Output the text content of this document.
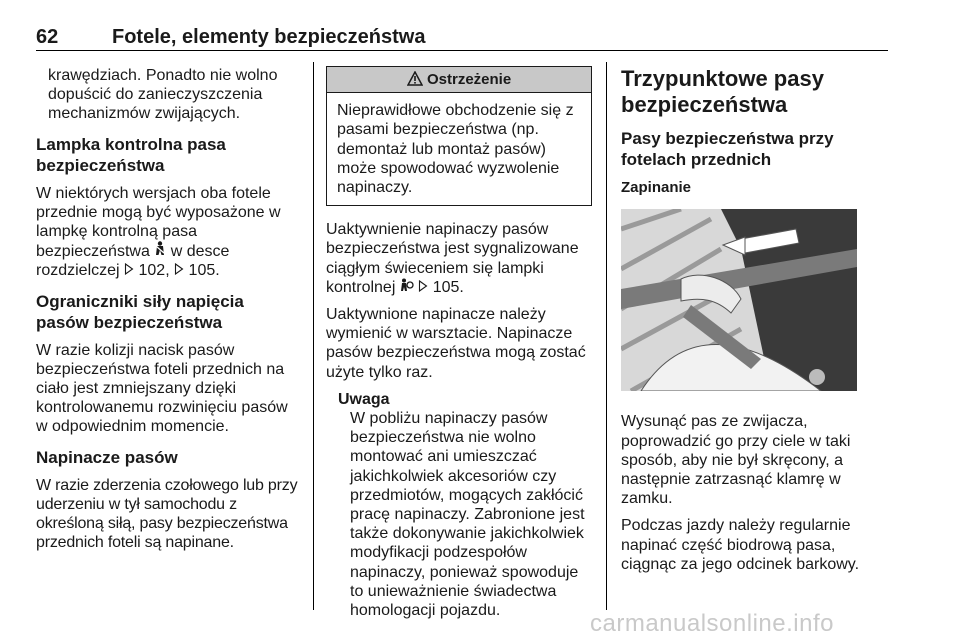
62	Fotele, elementy bezpieczeństwa

krawędziach. Ponadto nie wolno dopuścić do zanieczyszczenia mechanizmów zwijających.

Lampka kontrolna pasa bezpieczeństwa

W niektórych wersjach oba fotele przednie mogą być wyposażone w lampkę kontrolną pasa bezpieczeństwa w desce rozdzielczej 102, 105.

Ograniczniki siły napięcia pasów bezpieczeństwa

W razie kolizji nacisk pasów bezpieczeństwa foteli przednich na ciało jest zmniejszany dzięki kontrolowanemu rozwinięciu pasów w odpowiednim momencie.

Napinacze pasów

W razie zderzenia czołowego lub przy uderzeniu w tył samochodu z określoną siłą, pasy bezpieczeństwa przednich foteli są napinane.

Ostrzeżenie
Nieprawidłowe obchodzenie się z pasami bezpieczeństwa (np. demontaż lub montaż pasów) może spowodować wyzwolenie napinaczy.

Uaktywnienie napinaczy pasów bezpieczeństwa jest sygnalizowane ciągłym świeceniem się lampki kontrolnej 105.

Uaktywnione napinacze należy wymienić w warsztacie. Napinacze pasów bezpieczeństwa mogą zostać użyte tylko raz.

Uwaga
W pobliżu napinaczy pasów bezpieczeństwa nie wolno montować ani umieszczać jakichkolwiek akcesoriów czy przedmiotów, mogących zakłócić pracę napinaczy. Zabronione jest także dokonywanie jakichkolwiek modyfikacji podzespołów napinaczy, ponieważ spowoduje to unieważnienie świadectwa homologacji pojazdu.
Trzypunktowe pasy bezpieczeństwa
Pasy bezpieczeństwa przy fotelach przednich
Zapinanie

Wysunąć pas ze zwijacza, poprowadzić go przy ciele w taki sposób, aby nie był skręcony, a następnie zatrzasnąć klamrę w zamku.

Podczas jazdy należy regularnie napinać część biodrową pasa, ciągnąc za jego odcinek barkowy.

carmanualsonline.info
